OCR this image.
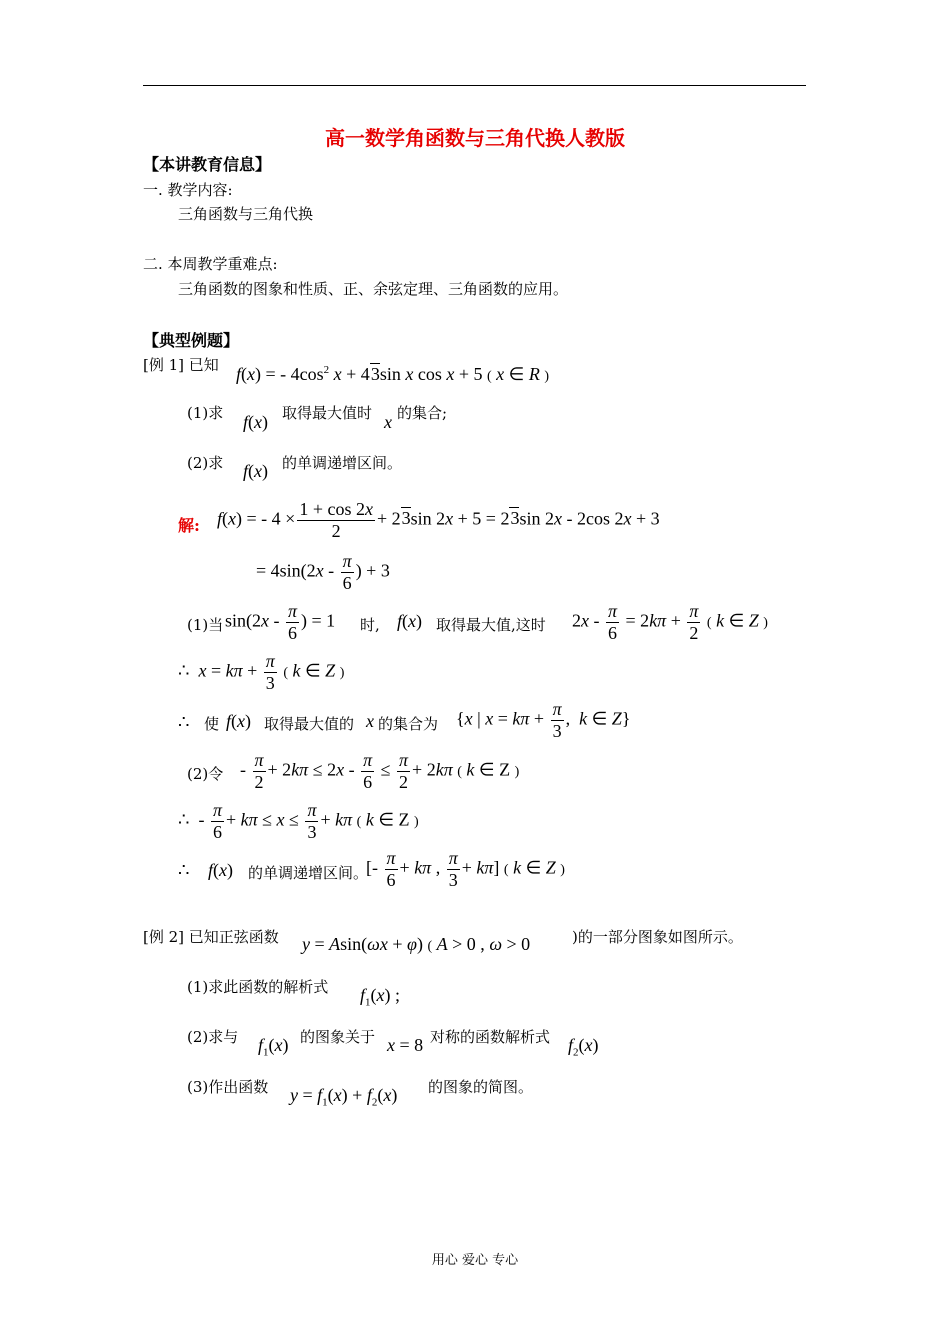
高一数学角函数与三角代换人教版
【本讲教育信息】
一. 教学内容:
三角函数与三角代换
二. 本周教学重难点:
三角函数的图象和性质、正、余弦定理、三角函数的应用。
【典型例题】
[例 1] 已知 f(x) = - $4\cos^2$ x + 43sin x cos x + 5 ( x ∈ R )
(1)求 f(x) 取得最大值时 x 的集合;
(2)求 f(x) 的单调递增区间。
解: f(x) = - $4 \times \frac{1 + \cos 2x}{2} + 23\sin$ 2x + 5 = 23sin 2x - 2cos 2x + 3
= $4\sin(2x - \frac{\pi}{6}$ ) + 3
(1)当 $\sin(2x - \frac{\pi}{6}$ ) = 1 时, f(x) 取得最大值,这时 $2x - \frac{\pi}{6} = 2k\pi + \frac{\pi}{2}$ ( k ∈ Z )
∴  $x = k\pi + \frac{\pi}{3}$ ( k ∈ Z )
∴ 使 f(x) 取得最大值的 x 的集合为 {x | $x = k\pi + \frac{\pi}{3}$ ,  k ∈ Z}
(2)令 - $\frac{\pi}{2} + 2k\pi \le 2x - \frac{\pi}{6} \le \frac{\pi}{2} + 2k\pi$ ( k ∈ Z )
∴  - $\frac{\pi}{6} + k\pi \le x \le \frac{\pi}{3} + k\pi$ ( k ∈ Z )
∴ f(x) 的单调递增区间。
[- $\frac{\pi}{6} + k\pi$ , $\frac{\pi}{3} + k\pi$] ( k ∈ Z )
[例 2] 已知正弦函数 y = Asin(ωx + φ) ( A > 0 , ω > 0	)的一部分图象如图所示。
(1)求此函数的解析式 $f_1(x)$ ;
(2)求与 $f_1(x)$ 的图象关于 x = 8 对称的函数解析式 $f_2(x)$
(3)作出函数 $y = f_1(x) + f_2(x)$ 的图象的简图。
用心 爱心 专心
